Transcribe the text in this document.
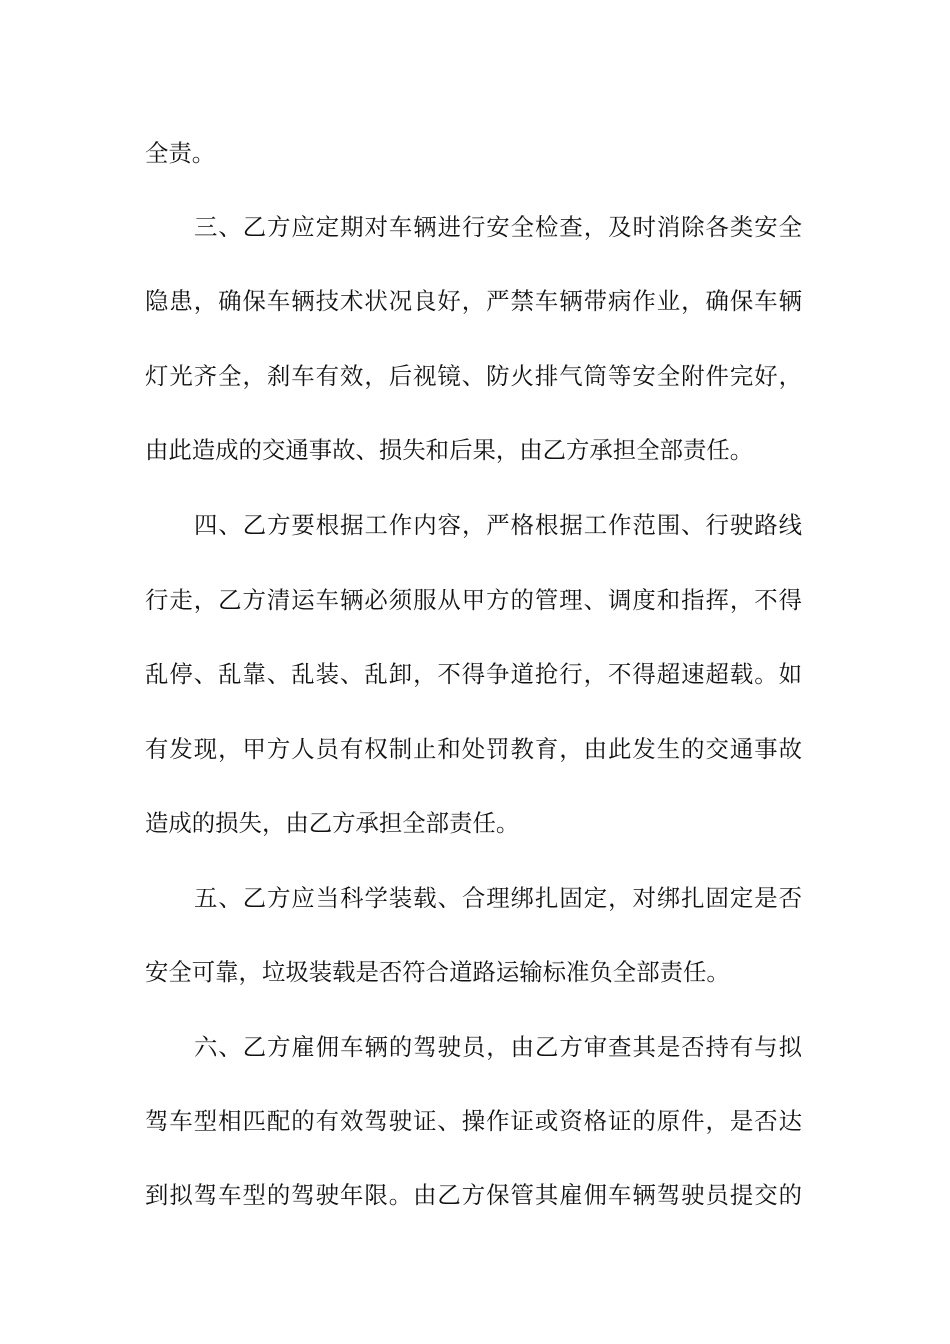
全责。
三、乙方应定期对车辆进行安全检查，及时消除各类安全
隐患，确保车辆技术状况良好，严禁车辆带病作业，确保车辆
灯光齐全，刹车有效，后视镜、防火排气筒等安全附件完好，
由此造成的交通事故、损失和后果，由乙方承担全部责任。
四、乙方要根据工作内容，严格根据工作范围、行驶路线
行走，乙方清运车辆必须服从甲方的管理、调度和指挥，不得
乱停、乱靠、乱装、乱卸，不得争道抢行，不得超速超载。如
有发现，甲方人员有权制止和处罚教育，由此发生的交通事故
造成的损失，由乙方承担全部责任。
五、乙方应当科学装载、合理绑扎固定，对绑扎固定是否
安全可靠，垃圾装载是否符合道路运输标准负全部责任。
六、乙方雇佣车辆的驾驶员，由乙方审查其是否持有与拟
驾车型相匹配的有效驾驶证、操作证或资格证的原件，是否达
到拟驾车型的驾驶年限。由乙方保管其雇佣车辆驾驶员提交的
